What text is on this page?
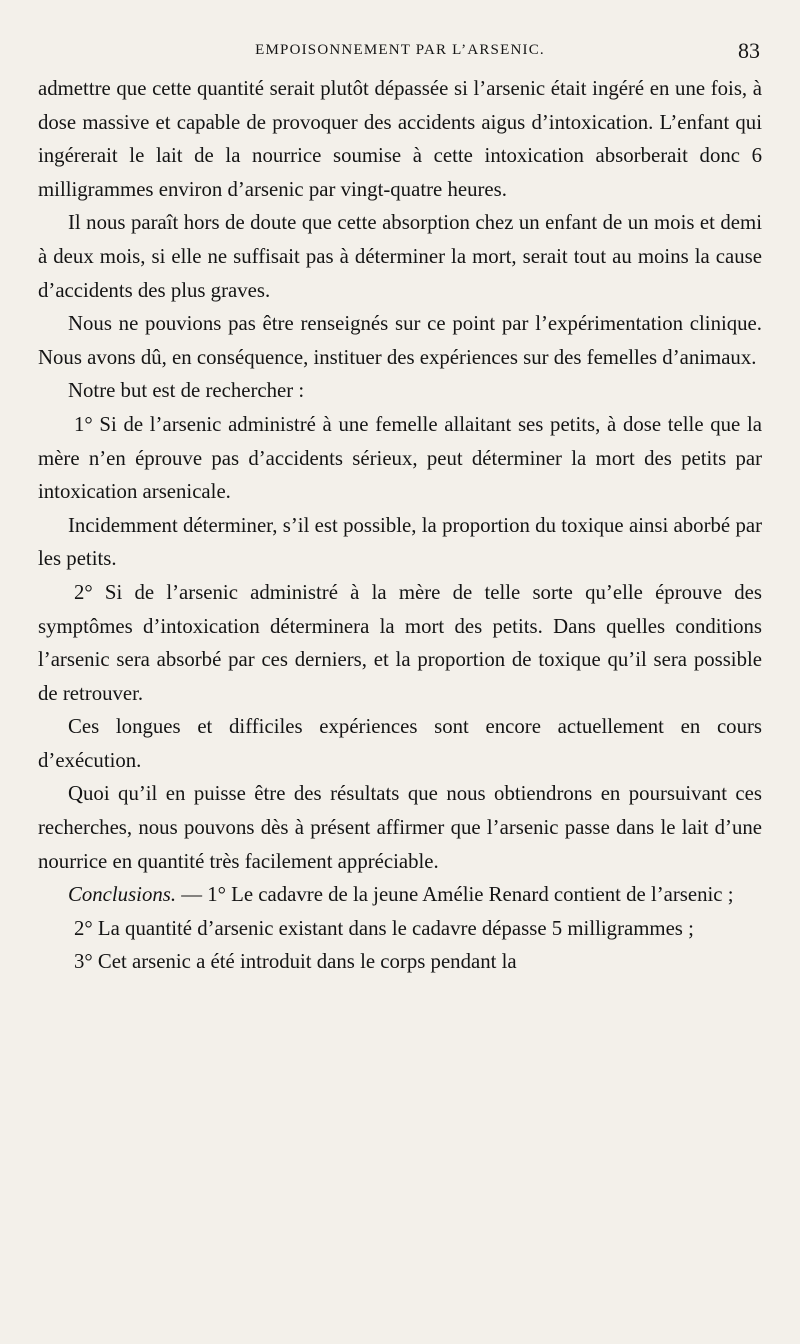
EMPOISONNEMENT PAR L’ARSENIC.	83

admettre que cette quantité serait plutôt dépassée si l’arsenic était ingéré en une fois, à dose massive et capable de provoquer des accidents aigus d’intoxication. L’enfant qui ingérerait le lait de la nourrice soumise à cette intoxication absorberait donc 6 milligrammes environ d’arsenic par vingt-quatre heures.

Il nous paraît hors de doute que cette absorption chez un enfant de un mois et demi à deux mois, si elle ne suffisait pas à déterminer la mort, serait tout au moins la cause d’accidents des plus graves.

Nous ne pouvions pas être renseignés sur ce point par l’expérimentation clinique. Nous avons dû, en conséquence, instituer des expériences sur des femelles d’animaux.

Notre but est de rechercher :

1° Si de l’arsenic administré à une femelle allaitant ses petits, à dose telle que la mère n’en éprouve pas d’accidents sérieux, peut déterminer la mort des petits par intoxication arsenicale.

Incidemment déterminer, s’il est possible, la proportion du toxique ainsi aborbé par les petits.

2° Si de l’arsenic administré à la mère de telle sorte qu’elle éprouve des symptômes d’intoxication déterminera la mort des petits. Dans quelles conditions l’arsenic sera absorbé par ces derniers, et la proportion de toxique qu’il sera possible de retrouver.

Ces longues et difficiles expériences sont encore actuellement en cours d’exécution.

Quoi qu’il en puisse être des résultats que nous obtiendrons en poursuivant ces recherches, nous pouvons dès à présent affirmer que l’arsenic passe dans le lait d’une nourrice en quantité très facilement appréciable.

Conclusions. — 1° Le cadavre de la jeune Amélie Renard contient de l’arsenic ;

2° La quantité d’arsenic existant dans le cadavre dépasse 5 milligrammes ;

3° Cet arsenic a été introduit dans le corps pendant la
